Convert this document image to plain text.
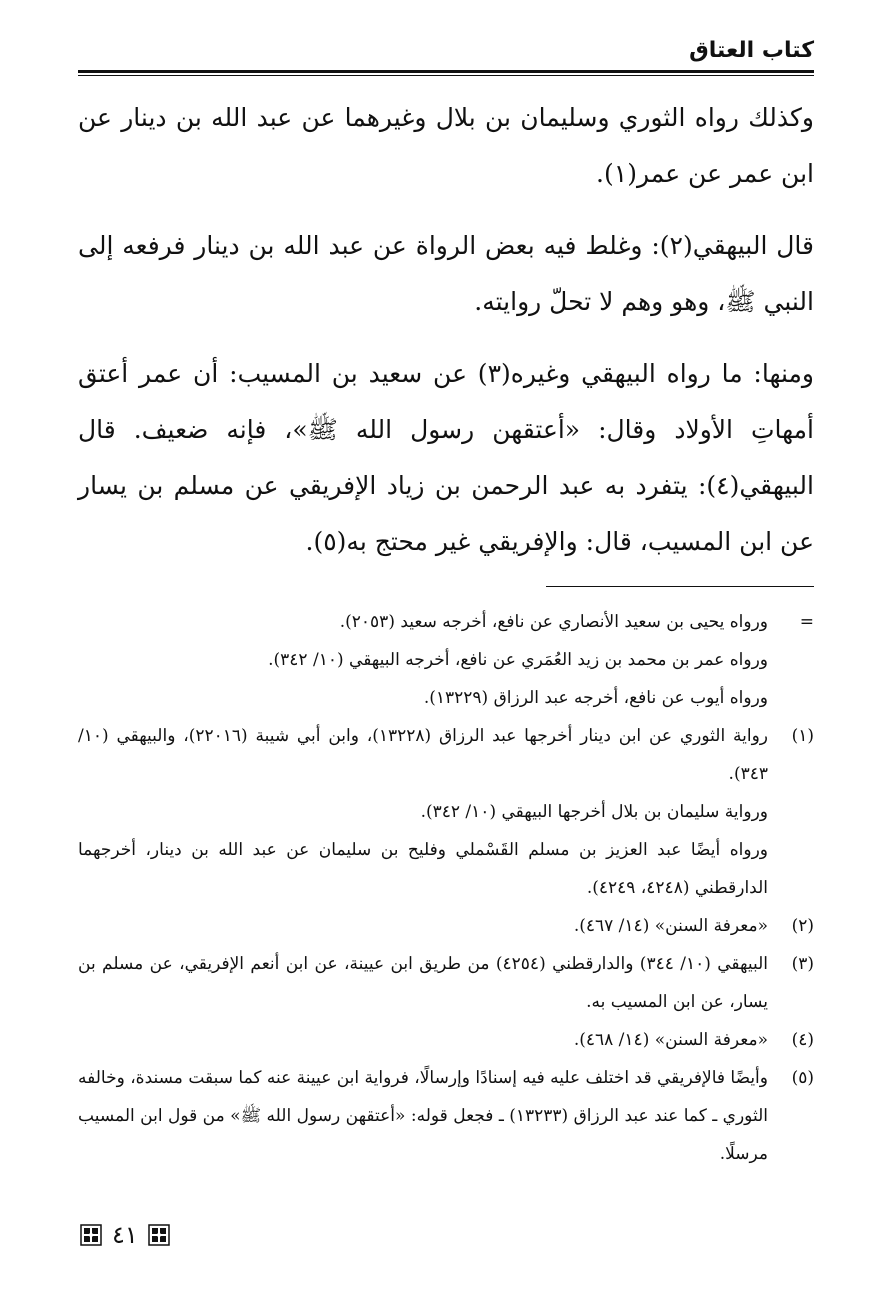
كتاب العتاق

وكذلك رواه الثوري وسليمان بن بلال وغيرهما عن عبد الله بن دينار عن ابن عمر عن عمر(١).

قال البيهقي(٢): وغلط فيه بعض الرواة عن عبد الله بن دينار فرفعه إلى النبي ﷺ، وهو وهم لا تحلّ روايته.

ومنها: ما رواه البيهقي وغيره(٣) عن سعيد بن المسيب: أن عمر أعتق أمهاتِ الأولاد وقال: «أعتقهن رسول الله ﷺ»، فإنه ضعيف. قال البيهقي(٤): يتفرد به عبد الرحمن بن زياد الإفريقي عن مسلم بن يسار عن ابن المسيب، قال: والإفريقي غير محتج به(٥).

=
ورواه يحيى بن سعيد الأنصاري عن نافع، أخرجه سعيد (٢٠٥٣).
ورواه عمر بن محمد بن زيد العُمَري عن نافع، أخرجه البيهقي (١٠/ ٣٤٢).
ورواه أيوب عن نافع، أخرجه عبد الرزاق (١٣٢٢٩).
(١)
رواية الثوري عن ابن دينار أخرجها عبد الرزاق (١٣٢٢٨)، وابن أبي شيبة (٢٢٠١٦)، والبيهقي (١٠/ ٣٤٣).
ورواية سليمان بن بلال أخرجها البيهقي (١٠/ ٣٤٢).
ورواه أيضًا عبد العزيز بن مسلم القَسْملي وفليح بن سليمان عن عبد الله بن دينار، أخرجهما الدارقطني (٤٢٤٨، ٤٢٤٩).
(٢)
«معرفة السنن» (١٤/ ٤٦٧).
(٣)
البيهقي (١٠/ ٣٤٤) والدارقطني (٤٢٥٤) من طريق ابن عيينة، عن ابن أنعم الإفريقي، عن مسلم بن يسار، عن ابن المسيب به.
(٤)
«معرفة السنن» (١٤/ ٤٦٨).
(٥)
وأيضًا فالإفريقي قد اختلف عليه فيه إسنادًا وإرسالًا، فرواية ابن عيينة عنه كما سبقت مسندة، وخالفه الثوري ـ كما عند عبد الرزاق (١٣٢٣٣) ـ فجعل قوله: «أعتقهن رسول الله ﷺ» من قول ابن المسيب مرسلًا.
٤١
